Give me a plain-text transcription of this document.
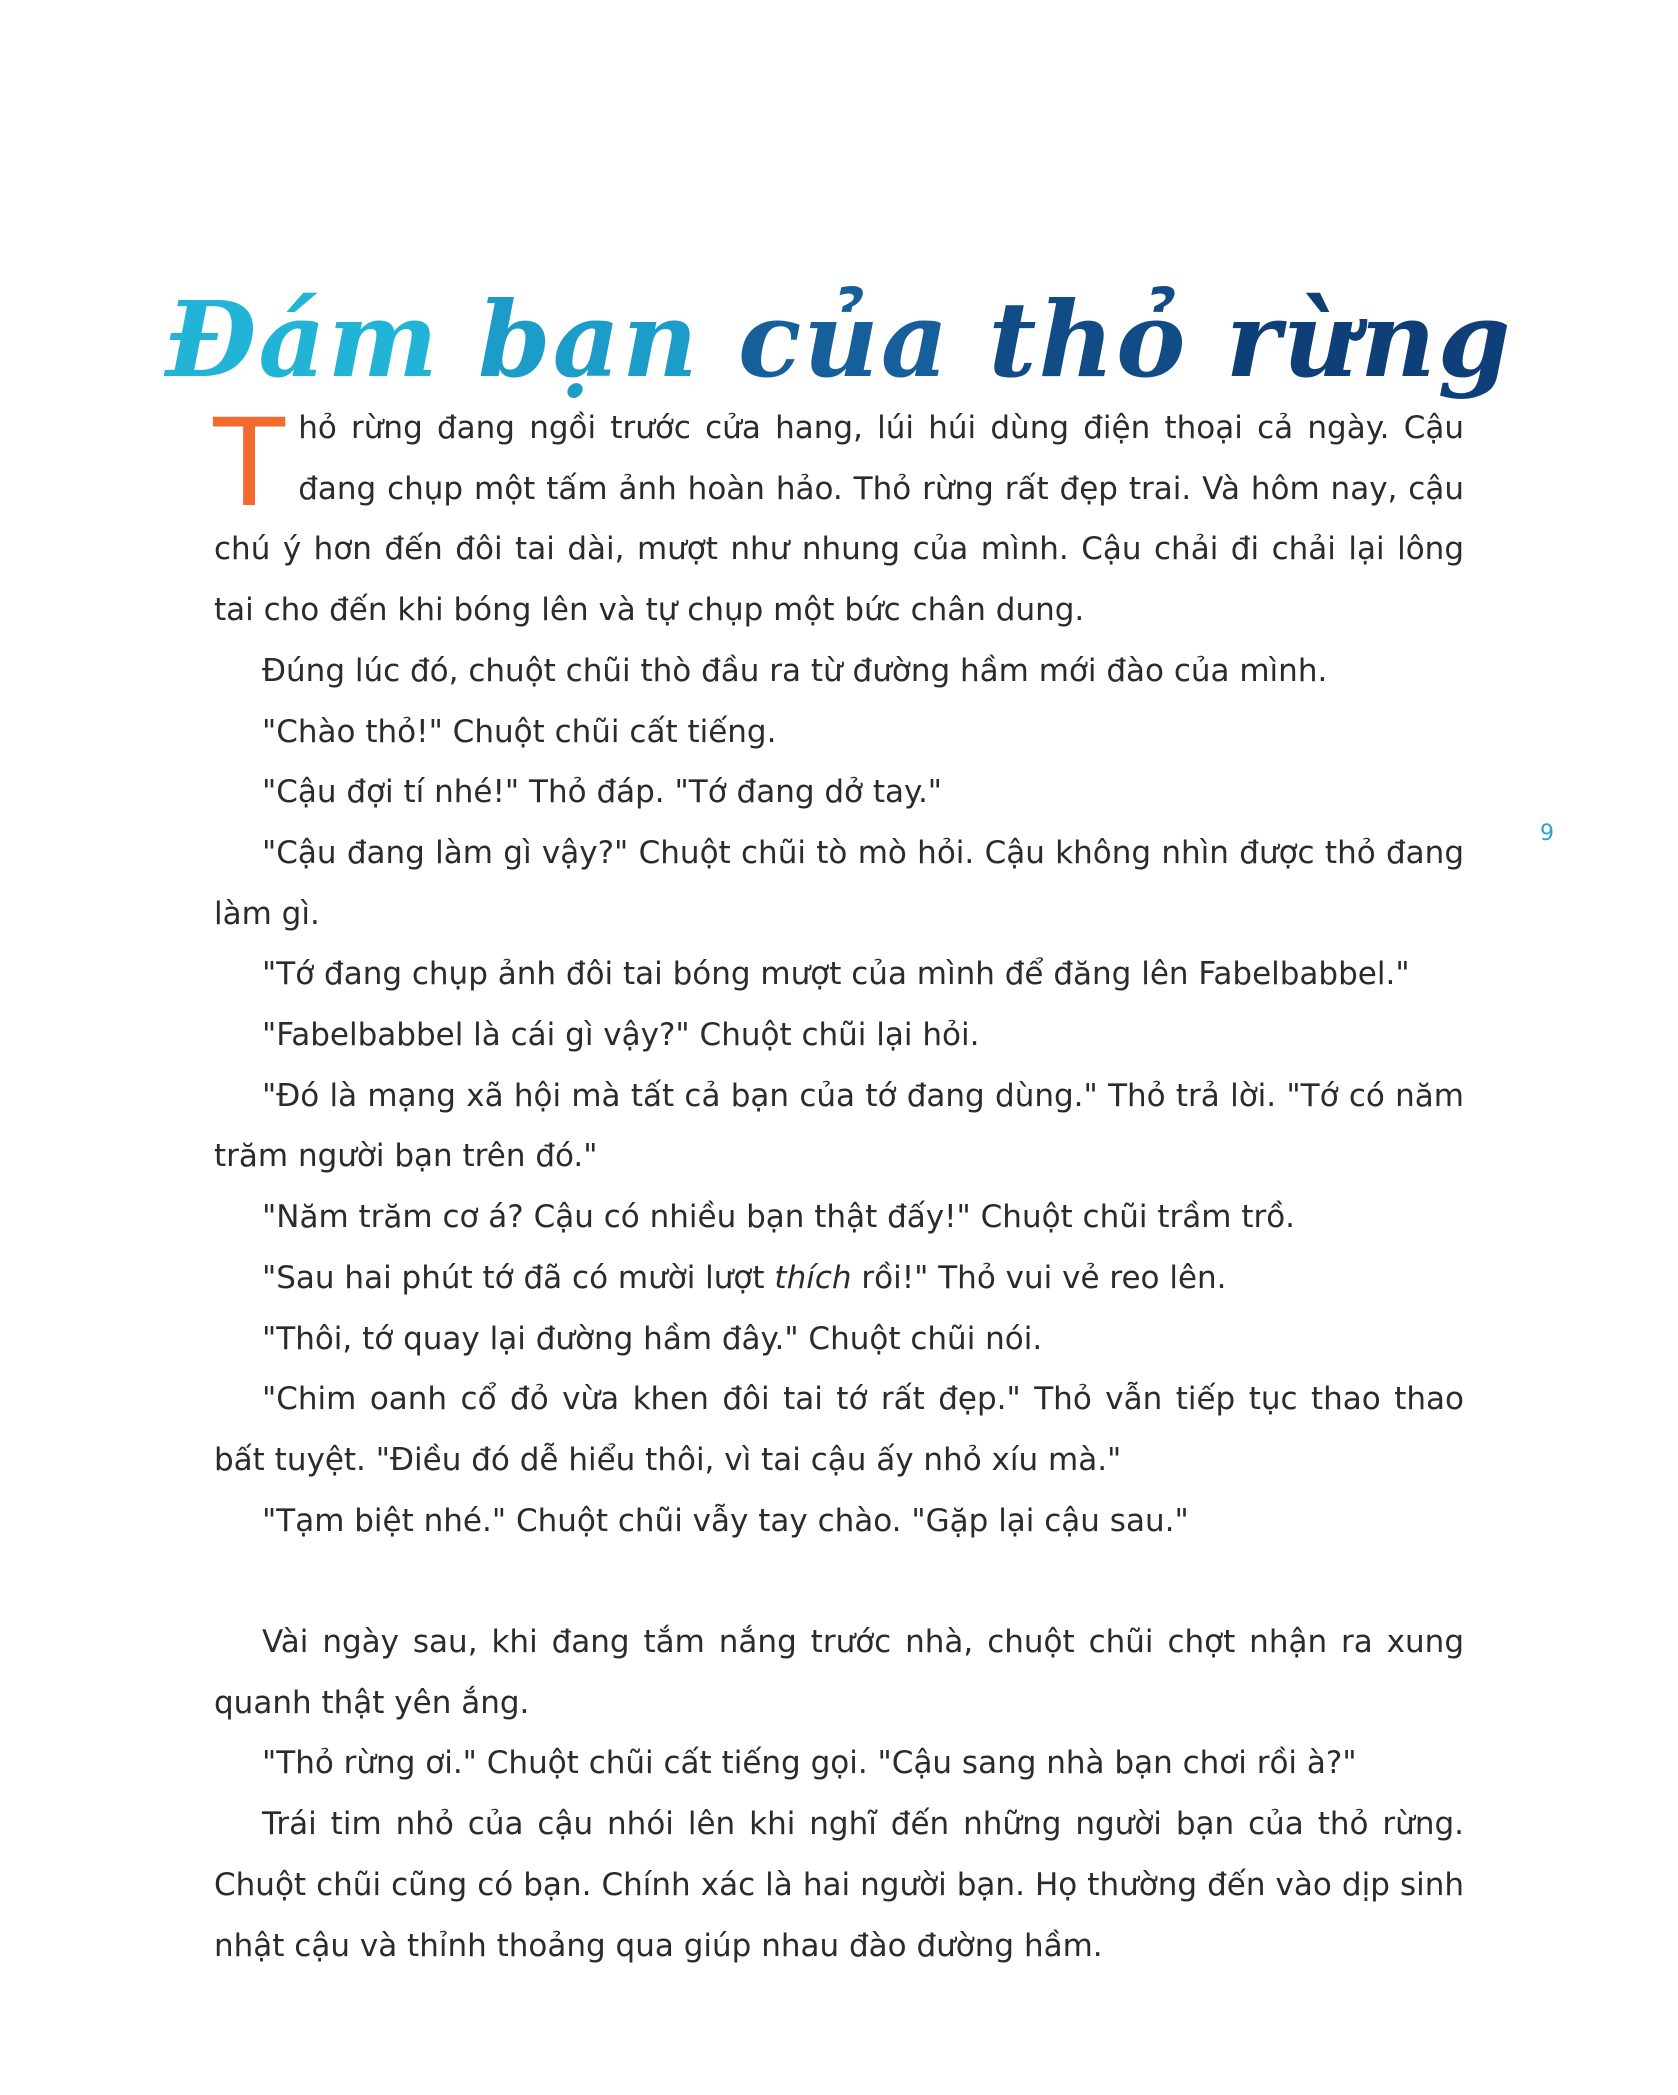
Đám bạn của thỏ rừng

Thỏ rừng đang ngồi trước cửa hang, lúi húi dùng điện thoại cả ngày. Cậu đang chụp một tấm ảnh hoàn hảo. Thỏ rừng rất đẹp trai. Và hôm nay, cậu chú ý hơn đến đôi tai dài, mượt như nhung của mình. Cậu chải đi chải lại lông tai cho đến khi bóng lên và tự chụp một bức chân dung.

Đúng lúc đó, chuột chũi thò đầu ra từ đường hầm mới đào của mình.

"Chào thỏ!" Chuột chũi cất tiếng.

"Cậu đợi tí nhé!" Thỏ đáp. "Tớ đang dở tay."

"Cậu đang làm gì vậy?" Chuột chũi tò mò hỏi. Cậu không nhìn được thỏ đang làm gì.

"Tớ đang chụp ảnh đôi tai bóng mượt của mình để đăng lên Fabelbabbel."

"Fabelbabbel là cái gì vậy?" Chuột chũi lại hỏi.

"Đó là mạng xã hội mà tất cả bạn của tớ đang dùng." Thỏ trả lời. "Tớ có năm trăm người bạn trên đó."

"Năm trăm cơ á? Cậu có nhiều bạn thật đấy!" Chuột chũi trầm trồ.

"Sau hai phút tớ đã có mười lượt thích rồi!" Thỏ vui vẻ reo lên.

"Thôi, tớ quay lại đường hầm đây." Chuột chũi nói.

"Chim oanh cổ đỏ vừa khen đôi tai tớ rất đẹp." Thỏ vẫn tiếp tục thao thao bất tuyệt. "Điều đó dễ hiểu thôi, vì tai cậu ấy nhỏ xíu mà."

"Tạm biệt nhé." Chuột chũi vẫy tay chào. "Gặp lại cậu sau."

Vài ngày sau, khi đang tắm nắng trước nhà, chuột chũi chợt nhận ra xung quanh thật yên ắng.

"Thỏ rừng ơi." Chuột chũi cất tiếng gọi. "Cậu sang nhà bạn chơi rồi à?"

Trái tim nhỏ của cậu nhói lên khi nghĩ đến những người bạn của thỏ rừng. Chuột chũi cũng có bạn. Chính xác là hai người bạn. Họ thường đến vào dịp sinh nhật cậu và thỉnh thoảng qua giúp nhau đào đường hầm.

9
